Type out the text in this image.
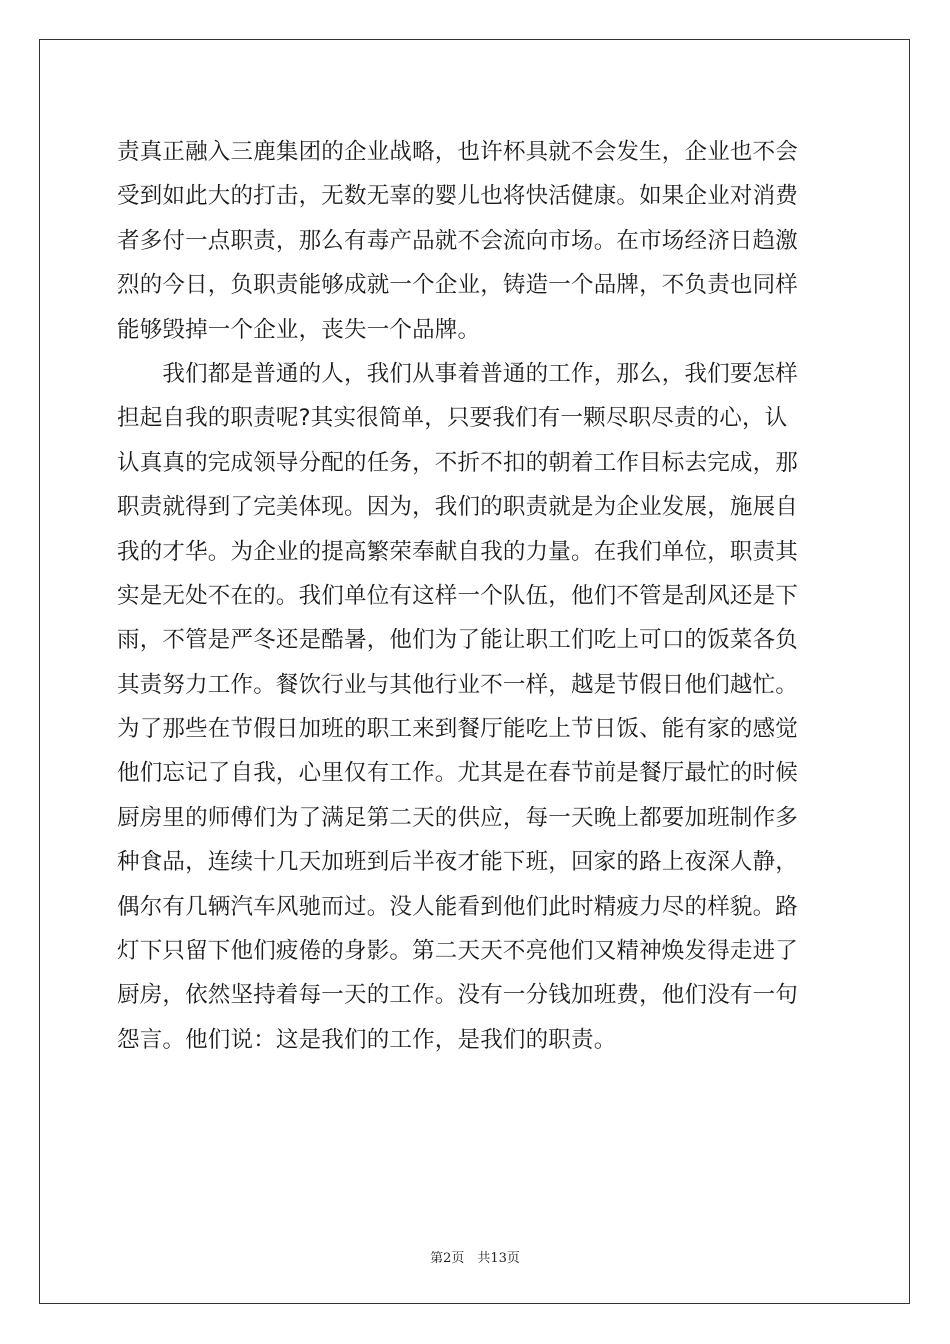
责真正融入三鹿集团的企业战略，也许杯具就不会发生，企业也不会
受到如此大的打击，无数无辜的婴儿也将快活健康。如果企业对消费
者多付一点职责，那么有毒产品就不会流向市场。在市场经济日趋激
烈的今日，负职责能够成就一个企业，铸造一个品牌，不负责也同样
能够毁掉一个企业，丧失一个品牌。
　　我们都是普通的人，我们从事着普通的工作，那么，我们要怎样
担起自我的职责呢?其实很简单，只要我们有一颗尽职尽责的心，认
认真真的完成领导分配的任务，不折不扣的朝着工作目标去完成，那
职责就得到了完美体现。因为，我们的职责就是为企业发展，施展自
我的才华。为企业的提高繁荣奉献自我的力量。在我们单位，职责其
实是无处不在的。我们单位有这样一个队伍，他们不管是刮风还是下
雨，不管是严冬还是酷暑，他们为了能让职工们吃上可口的饭菜各负
其责努力工作。餐饮行业与其他行业不一样，越是节假日他们越忙。
为了那些在节假日加班的职工来到餐厅能吃上节日饭、能有家的感觉
他们忘记了自我，心里仅有工作。尤其是在春节前是餐厅最忙的时候
厨房里的师傅们为了满足第二天的供应，每一天晚上都要加班制作多
种食品，连续十几天加班到后半夜才能下班，回家的路上夜深人静，
偶尔有几辆汽车风驰而过。没人能看到他们此时精疲力尽的样貌。路
灯下只留下他们疲倦的身影。第二天天不亮他们又精神焕发得走进了
厨房，依然坚持着每一天的工作。没有一分钱加班费，他们没有一句
怨言。他们说：这是我们的工作，是我们的职责。
第2页　共13页
